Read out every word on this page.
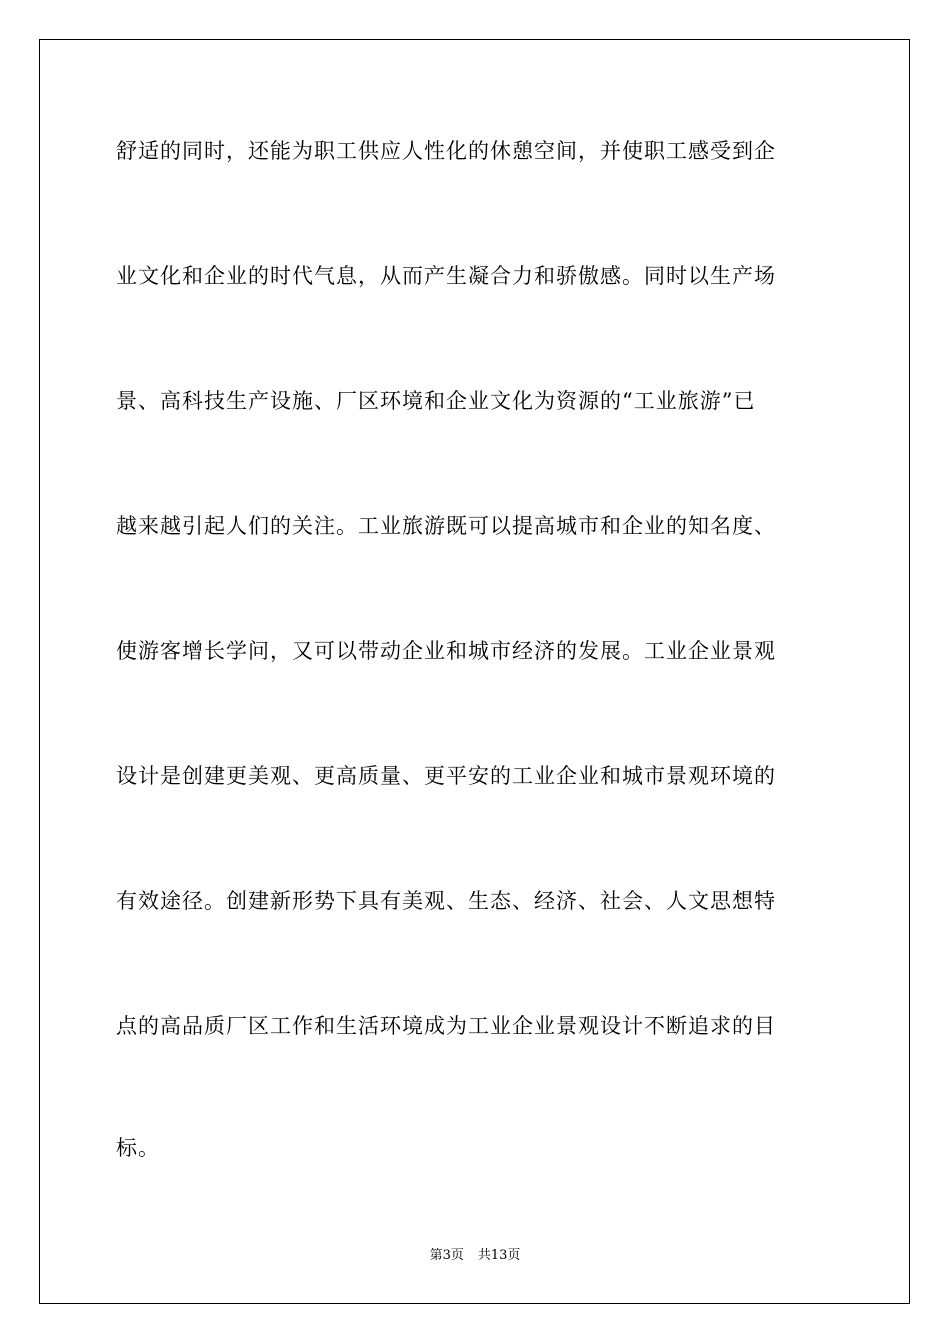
舒适的同时，还能为职工供应人性化的休憩空间，并使职工感受到企
业文化和企业的时代气息，从而产生凝合力和骄傲感。同时以生产场
景、高科技生产设施、厂区环境和企业文化为资源的“工业旅游”已
越来越引起人们的关注。工业旅游既可以提高城市和企业的知名度、
使游客增长学问，又可以带动企业和城市经济的发展。工业企业景观
设计是创建更美观、更高质量、更平安的工业企业和城市景观环境的
有效途径。创建新形势下具有美观、生态、经济、社会、人文思想特
点的高品质厂区工作和生活环境成为工业企业景观设计不断追求的目
标。
第3页 共13页
